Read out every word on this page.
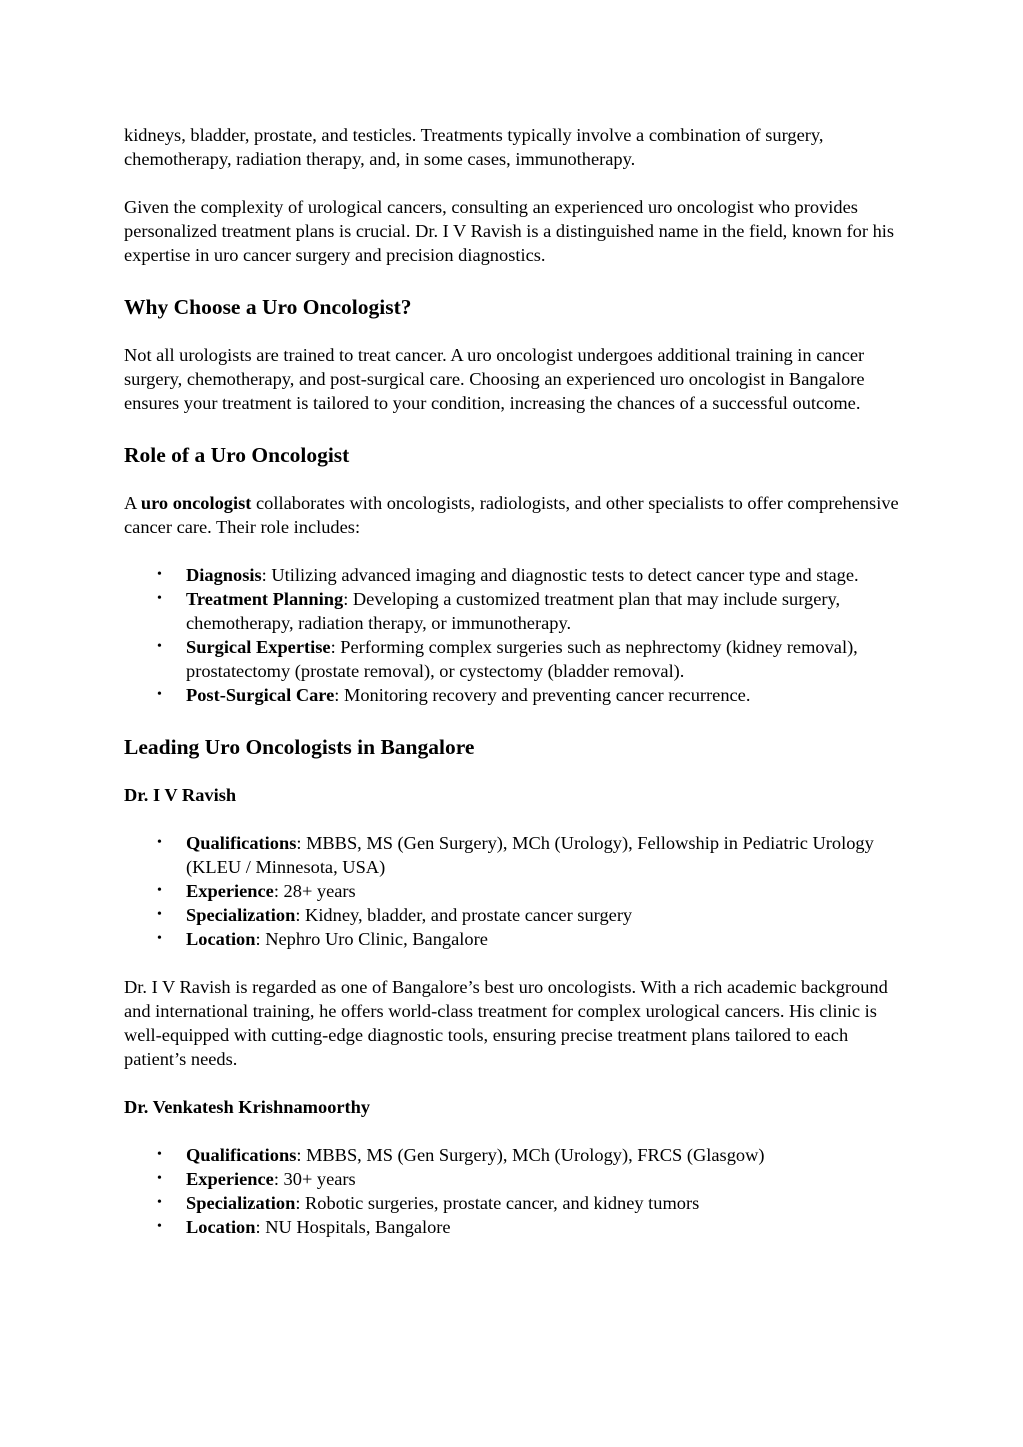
kidneys, bladder, prostate, and testicles. Treatments typically involve a combination of surgery, chemotherapy, radiation therapy, and, in some cases, immunotherapy.

Given the complexity of urological cancers, consulting an experienced uro oncologist who provides personalized treatment plans is crucial. Dr. I V Ravish is a distinguished name in the field, known for his expertise in uro cancer surgery and precision diagnostics.

Why Choose a Uro Oncologist?

Not all urologists are trained to treat cancer. A uro oncologist undergoes additional training in cancer surgery, chemotherapy, and post-surgical care. Choosing an experienced uro oncologist in Bangalore ensures your treatment is tailored to your condition, increasing the chances of a successful outcome.

Role of a Uro Oncologist

A uro oncologist collaborates with oncologists, radiologists, and other specialists to offer comprehensive cancer care. Their role includes:

• Diagnosis: Utilizing advanced imaging and diagnostic tests to detect cancer type and stage.
• Treatment Planning: Developing a customized treatment plan that may include surgery, chemotherapy, radiation therapy, or immunotherapy.
• Surgical Expertise: Performing complex surgeries such as nephrectomy (kidney removal), prostatectomy (prostate removal), or cystectomy (bladder removal).
• Post-Surgical Care: Monitoring recovery and preventing cancer recurrence.
Leading Uro Oncologists in Bangalore
Dr. I V Ravish
• Qualifications: MBBS, MS (Gen Surgery), MCh (Urology), Fellowship in Pediatric Urology (KLEU / Minnesota, USA)
• Experience: 28+ years
• Specialization: Kidney, bladder, and prostate cancer surgery
• Location: Nephro Uro Clinic, Bangalore

Dr. I V Ravish is regarded as one of Bangalore’s best uro oncologists. With a rich academic background and international training, he offers world-class treatment for complex urological cancers. His clinic is well-equipped with cutting-edge diagnostic tools, ensuring precise treatment plans tailored to each patient’s needs.

Dr. Venkatesh Krishnamoorthy
• Qualifications: MBBS, MS (Gen Surgery), MCh (Urology), FRCS (Glasgow)
• Experience: 30+ years
• Specialization: Robotic surgeries, prostate cancer, and kidney tumors
• Location: NU Hospitals, Bangalore
